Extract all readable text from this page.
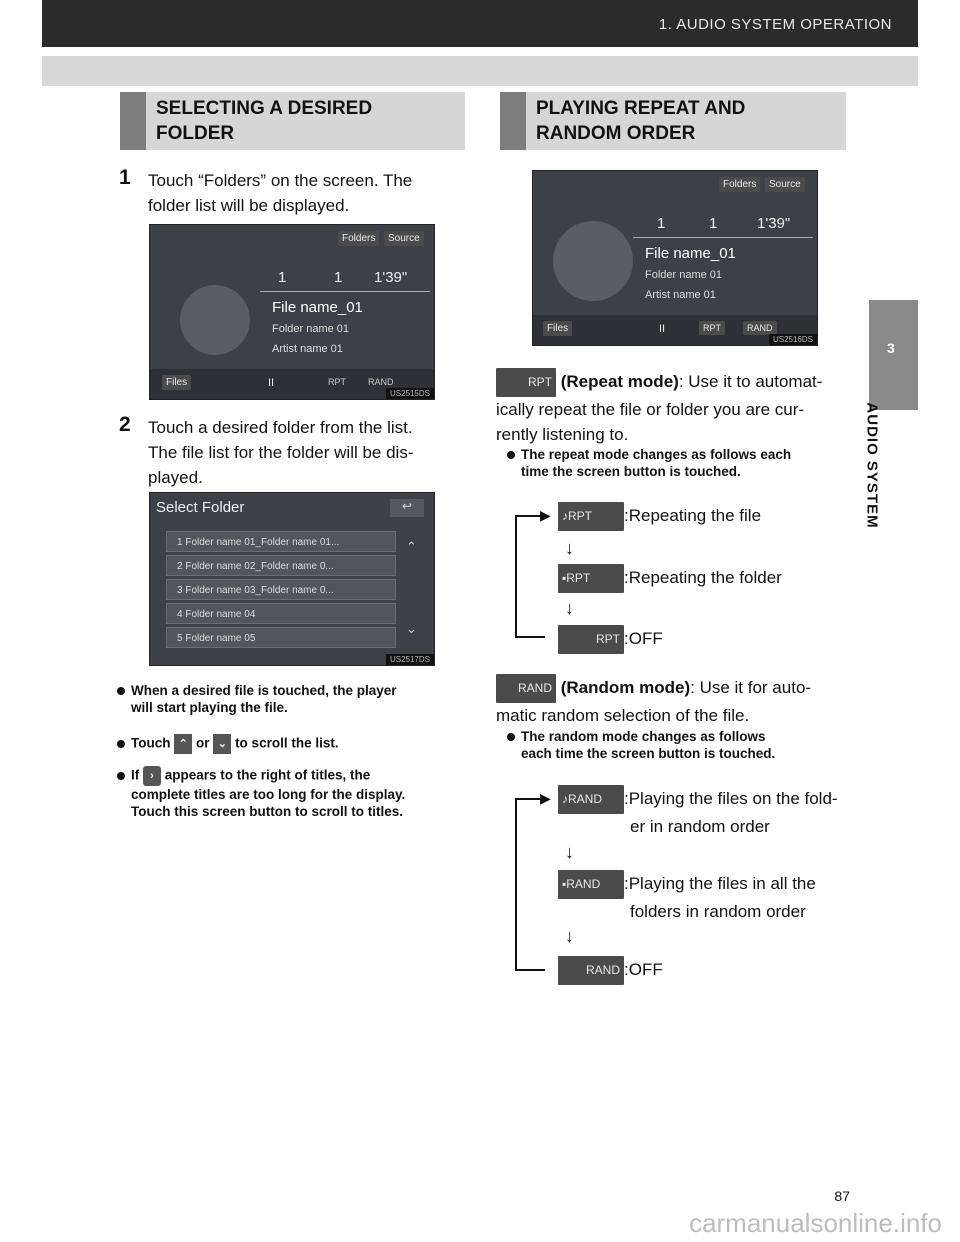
1. AUDIO SYSTEM OPERATION
3
AUDIO SYSTEM
SELECTING A DESIRED
FOLDER
1 Touch “Folders” on the screen. The
folder list will be displayed.
Folders	Source
1	1 1'39"
File name_01
Folder name 01
Artist name 01
Files	II	RPT RAND
US2515DS
2 Touch a desired folder from the list.
The file list for the folder will be dis-
played.
Select Folder	↩
1 Folder name 01_Folder name 01...
2 Folder name 02_Folder name 0...
3 Folder name 03_Folder name 0...
4 Folder name 04
5 Folder name 05
⌃
⌄
US2517DS
When a desired file is touched, the player
will start playing the file.
Touch ⌃ or ⌄ to scroll the list.
If › appears to the right of titles, the
complete titles are too long for the display.
Touch this screen button to scroll to titles.
PLAYING REPEAT AND
RANDOM ORDER
Folders	Source
1	1	1'39"
File name_01
Folder name 01
Artist name 01
Files	II	RPT	RAND
US2516DS
RPT (Repeat mode): Use it to automat-
ically repeat the file or folder you are cur-
rently listening to.
The repeat mode changes as follows each
time the screen button is touched.
▶ ♪RPT :Repeating the file
↓
▪RPT :Repeating the folder
↓
RPT :OFF
RAND (Random mode): Use it for auto-
matic random selection of the file.
The random mode changes as follows
each time the screen button is touched.
▶ ♪RAND :Playing the files on the fold-
er in random order
↓
▪RAND :Playing the files in all the
folders in random order
↓
RAND :OFF
87
carmanualsonline.info
